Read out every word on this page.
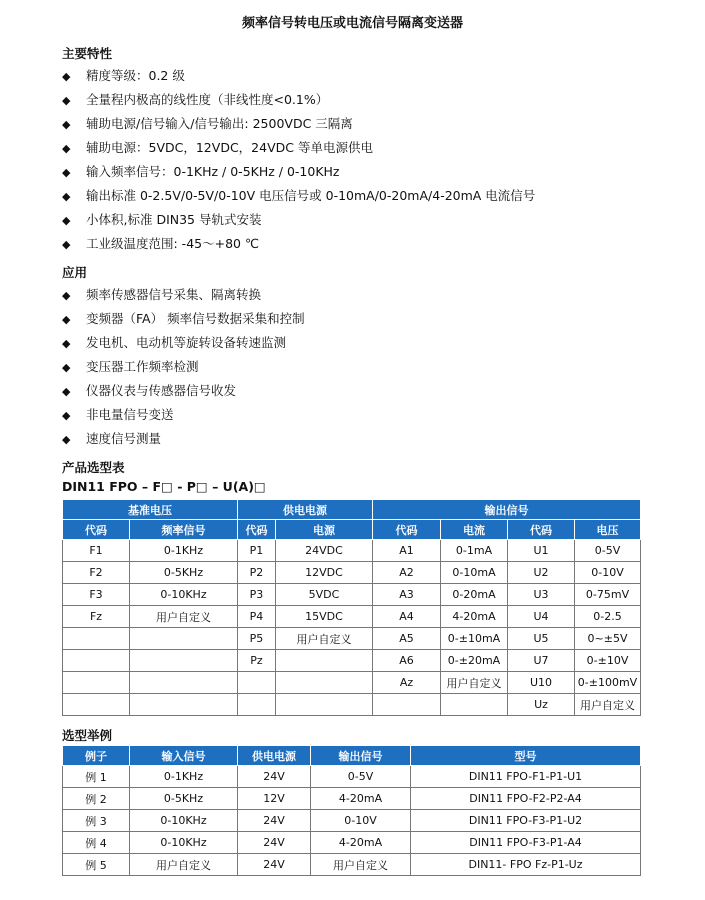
频率信号转电压或电流信号隔离变送器
主要特性
◆ 精度等级：0.2 级
◆ 全量程内极高的线性度（非线性度<0.1%）
◆ 辅助电源/信号输入/信号输出: 2500VDC 三隔离
◆ 辅助电源：5VDC，12VDC，24VDC 等单电源供电
◆ 输入频率信号：0-1KHz / 0-5KHz / 0-10KHz
◆ 输出标准 0-2.5V/0-5V/0-10V 电压信号或 0-10mA/0-20mA/4-20mA 电流信号
◆ 小体积,标准 DIN35 导轨式安装
◆ 工业级温度范围: -45～+80 ℃
应用
◆ 频率传感器信号采集、隔离转换
◆ 变频器（FA） 频率信号数据采集和控制
◆ 发电机、电动机等旋转设备转速监测
◆ 变压器工作频率检测
◆ 仪器仪表与传感器信号收发
◆ 非电量信号变送
◆ 速度信号测量
产品选型表
DIN11 FPO – F□ - P□ – U(A)□
基准电压		供电电源		输出信号			
代码	频率信号	代码	电源	代码	电流	代码	电压
F1	0-1KHz	P1	24VDC	A1	0-1mA	U1	0-5V
F2	0-5KHz	P2	12VDC	A2	0-10mA	U2	0-10V
F3	0-10KHz	P3	5VDC	A3	0-20mA	U3	0-75mV
Fz	用户自定义	P4	15VDC	A4	4-20mA	U4	0-2.5
		P5	用户自定义	A5	0-±10mA	U5	0~±5V
		Pz		A6	0-±20mA	U7	0-±10V
				Az	用户自定义	U10	0-±100mV
						Uz	用户自定义
选型举例
例子	输入信号	供电电源	输出信号	型号
例 1	0-1KHz	24V	0-5V	DIN11 FPO-F1-P1-U1
例 2	0-5KHz	12V	4-20mA	DIN11 FPO-F2-P2-A4
例 3	0-10KHz	24V	0-10V	DIN11 FPO-F3-P1-U2
例 4	0-10KHz	24V	4-20mA	DIN11 FPO-F3-P1-A4
例 5	用户自定义	24V	用户自定义	DIN11- FPO Fz-P1-Uz
